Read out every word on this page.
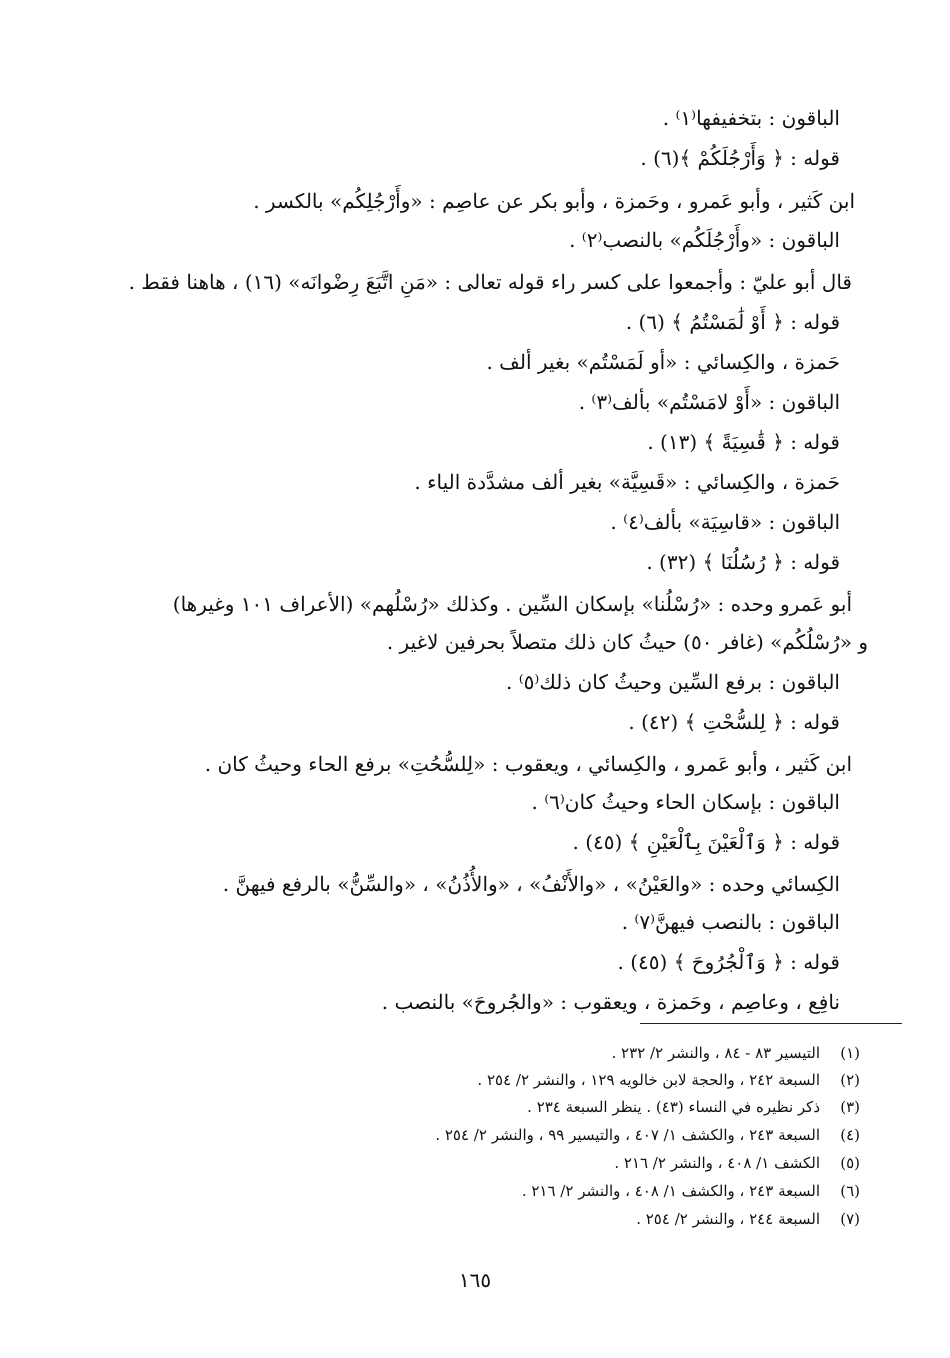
الباقون : بتخفيفها⁽١⁾ .
قوله : ﴿ وَأَرْجُلَكُمْ ﴾(٦) .
ابن كَثير ، وأبو عَمرو ، وحَمزة ، وأبو بكر عن عاصِم : «وأَرْجُلِكُم» بالكسر .
الباقون : «وأَرْجُلَكُم» بالنصب⁽٢⁾ .
قال أبو عليّ : وأجمعوا على كسر راء قوله تعالى : «مَنِ اتَّبَعَ رِضْوانَه» (١٦) ، هاهنا فقط .
قوله : ﴿ أَوْ لَٰمَسْتُمُ ﴾ (٦) .
حَمزة ، والكِسائي : «أو لَمَسْتُم» بغير ألف .
الباقون : «أَوْ لامَسْتُم» بألف⁽٣⁾ .
قوله : ﴿ قَٰسِيَةً ﴾ (١٣) .
حَمزة ، والكِسائي : «قَسِيَّة» بغير ألف مشدَّدة الياء .
الباقون : «قاسِيَة» بألف⁽٤⁾ .
قوله : ﴿ رُسُلُنَا ﴾ (٣٢) .
أبو عَمرو وحده : «رُسْلُنا» بإسكان السِّين . وكذلك «رُسْلُهم» (الأعراف ١٠١ وغيرها)
و «رُسْلُكُم» (غافر ٥٠) حيثُ كان ذلك متصلاً بحرفين لاغير .
الباقون : برفع السِّين وحيثُ كان ذلك⁽٥⁾ .
قوله : ﴿ لِلسُّحْتِ ﴾ (٤٢) .
ابن كَثير ، وأبو عَمرو ، والكِسائي ، ويعقوب : «لِلسُّحُتِ» برفع الحاء وحيثُ كان .
الباقون : بإسكان الحاء وحيثُ كان⁽٦⁾ .
قوله : ﴿ وَٱلْعَيْنَ بِٱلْعَيْنِ ﴾ (٤٥) .
الكِسائي وحده : «والعَيْنُ» ، «والأَنْفُ» ، «والأُذُنُ» ، «والسِّنُّ» بالرفع فيهنَّ .
الباقون : بالنصب فيهنَّ⁽٧⁾ .
قوله : ﴿ وَٱلْجُرُوحَ ﴾ (٤٥) .
نافِع ، وعاصِم ، وحَمزة ، ويعقوب : «والجُروحَ» بالنصب .
(١)التيسير ٨٣ - ٨٤ ، والنشر ٢/ ٢٣٢ .
(٢)السبعة ٢٤٢ ، والحجة لابن خالويه ١٢٩ ، والنشر ٢/ ٢٥٤ .
(٣)ذكر نظيره في النساء (٤٣) . ينظر السبعة ٢٣٤ .
(٤)السبعة ٢٤٣ ، والكشف ١/ ٤٠٧ ، والتيسير ٩٩ ، والنشر ٢/ ٢٥٤ .
(٥)الكشف ١/ ٤٠٨ ، والنشر ٢/ ٢١٦ .
(٦)السبعة ٢٤٣ ، والكشف ١/ ٤٠٨ ، والنشر ٢/ ٢١٦ .
(٧)السبعة ٢٤٤ ، والنشر ٢/ ٢٥٤ .
١٦٥
